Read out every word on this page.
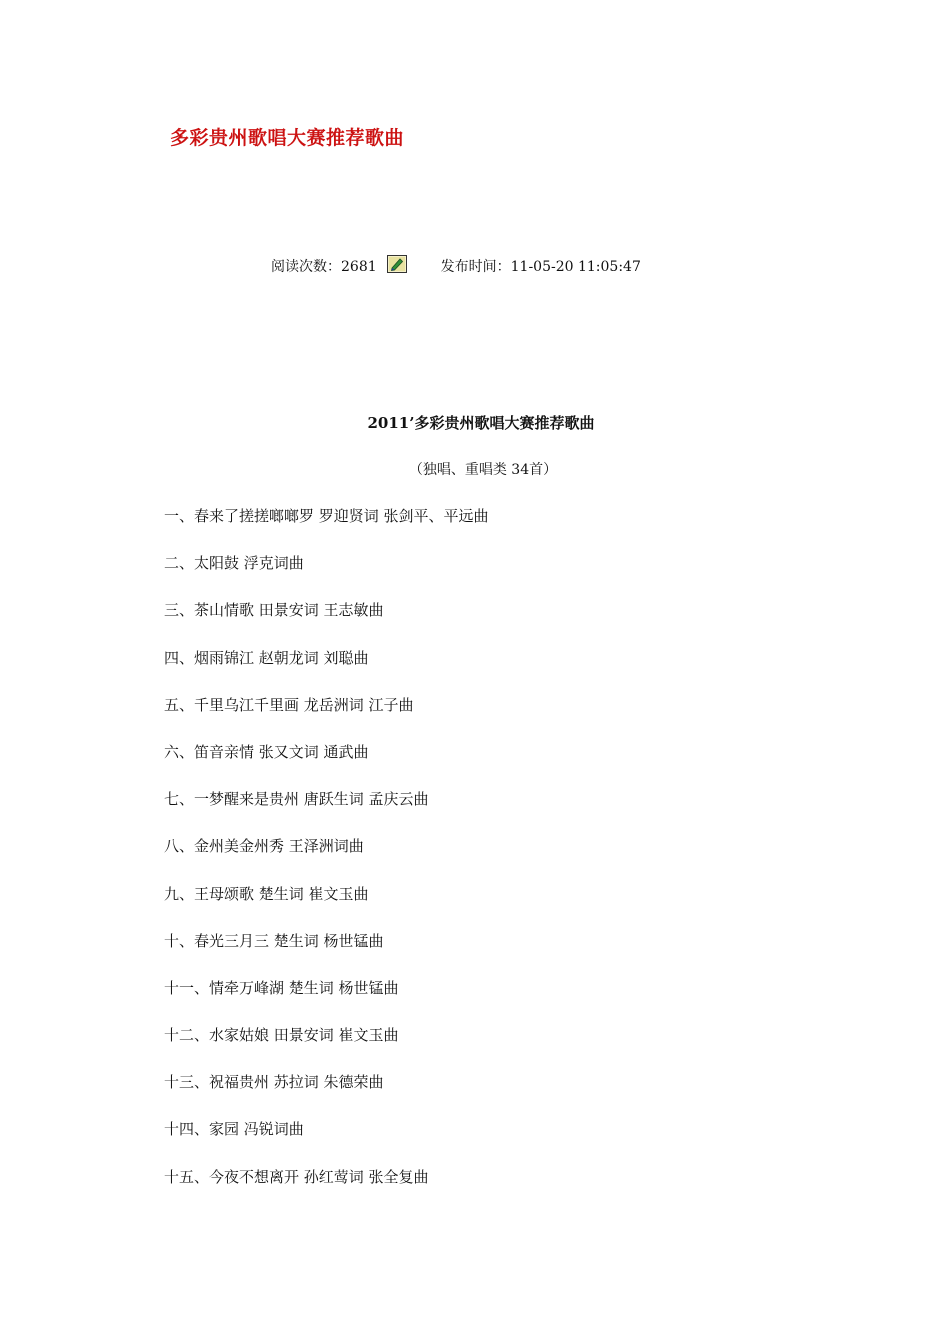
多彩贵州歌唱大赛推荐歌曲
阅读次数：2681	发布时间：11-05-20 11:05:47
2011’多彩贵州歌唱大赛推荐歌曲
（独唱、重唱类 34首）
一、春来了搓搓啷啷罗 罗迎贤词 张剑平、平远曲
二、太阳鼓 浮克词曲
三、茶山情歌 田景安词 王志敏曲
四、烟雨锦江 赵朝龙词 刘聪曲
五、千里乌江千里画 龙岳洲词 江子曲
六、笛音亲情 张又文词 通武曲
七、一梦醒来是贵州 唐跃生词 孟庆云曲
八、金州美金州秀 王泽洲词曲
九、王母颂歌 楚生词 崔文玉曲
十、春光三月三 楚生词 杨世锰曲
十一、情牵万峰湖 楚生词 杨世锰曲
十二、水家姑娘 田景安词 崔文玉曲
十三、祝福贵州 苏拉词 朱德荣曲
十四、家园 冯锐词曲
十五、今夜不想离开 孙红莺词 张全复曲
